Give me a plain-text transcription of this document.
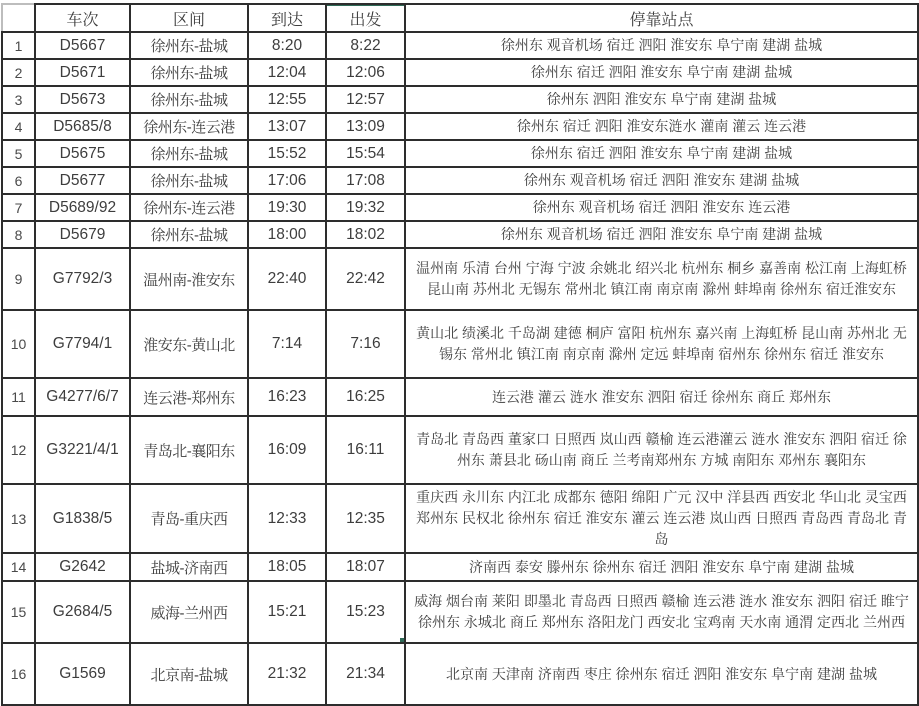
	车次	区间	到达	出发	停靠站点
1	D5667	徐州东-盐城	8:20	8:22	徐州东 观音机场 宿迁 泗阳 淮安东 阜宁南 建湖 盐城
2	D5671	徐州东-盐城	12:04	12:06	徐州东 宿迁 泗阳 淮安东 阜宁南 建湖 盐城
3	D5673	徐州东-盐城	12:55	12:57	徐州东 泗阳 淮安东 阜宁南 建湖 盐城
4	D5685/8	徐州东-连云港	13:07	13:09	徐州东 宿迁 泗阳 淮安东涟水 灌南 灌云 连云港
5	D5675	徐州东-盐城	15:52	15:54	徐州东 宿迁 泗阳 淮安东 阜宁南 建湖 盐城
6	D5677	徐州东-盐城	17:06	17:08	徐州东 观音机场 宿迁 泗阳 淮安东 建湖 盐城
7	D5689/92	徐州东-连云港	19:30	19:32	徐州东 观音机场 宿迁 泗阳 淮安东 连云港
8	D5679	徐州东-盐城	18:00	18:02	徐州东 观音机场 宿迁 泗阳 淮安东 阜宁南 建湖 盐城
9	G7792/3	温州南-淮安东	22:40	22:42	温州南 乐清 台州 宁海 宁波 余姚北 绍兴北 杭州东 桐乡 嘉善南 松江南 上海虹桥 昆山南 苏州北 无锡东 常州北 镇江南 南京南 滁州 蚌埠南 徐州东 宿迁淮安东
10	G7794/1	淮安东-黄山北	7:14	7:16	黄山北 绩溪北 千岛湖 建德 桐庐 富阳 杭州东 嘉兴南 上海虹桥 昆山南 苏州北 无锡东 常州北 镇江南 南京南 滁州 定远 蚌埠南 宿州东 徐州东 宿迁 淮安东
11	G4277/6/7	连云港-郑州东	16:23	16:25	连云港 灌云 涟水 淮安东 泗阳 宿迁 徐州东 商丘 郑州东
12	G3221/4/1	青岛北-襄阳东	16:09	16:11	青岛北 青岛西 董家口 日照西 岚山西 赣榆 连云港灌云 涟水 淮安东 泗阳 宿迁 徐州东 萧县北 砀山南 商丘 兰考南郑州东 方城 南阳东 邓州东 襄阳东
13	G1838/5	青岛-重庆西	12:33	12:35	重庆西 永川东 内江北 成都东 德阳 绵阳 广元 汉中 洋县西 西安北 华山北 灵宝西 郑州东 民权北 徐州东 宿迁 淮安东 灌云 连云港 岚山西 日照西 青岛西 青岛北 青岛
14	G2642	盐城-济南西	18:05	18:07	济南西 泰安 滕州东 徐州东 宿迁 泗阳 淮安东 阜宁南 建湖 盐城
15	G2684/5	威海-兰州西	15:21	15:23	威海 烟台南 莱阳 即墨北 青岛西 日照西 赣榆 连云港 涟水 淮安东 泗阳 宿迁 睢宁 徐州东 永城北 商丘 郑州东 洛阳龙门 西安北 宝鸡南 天水南 通渭 定西北 兰州西
16	G1569	北京南-盐城	21:32	21:34	北京南 天津南 济南西 枣庄 徐州东 宿迁 泗阳 淮安东 阜宁南 建湖 盐城
